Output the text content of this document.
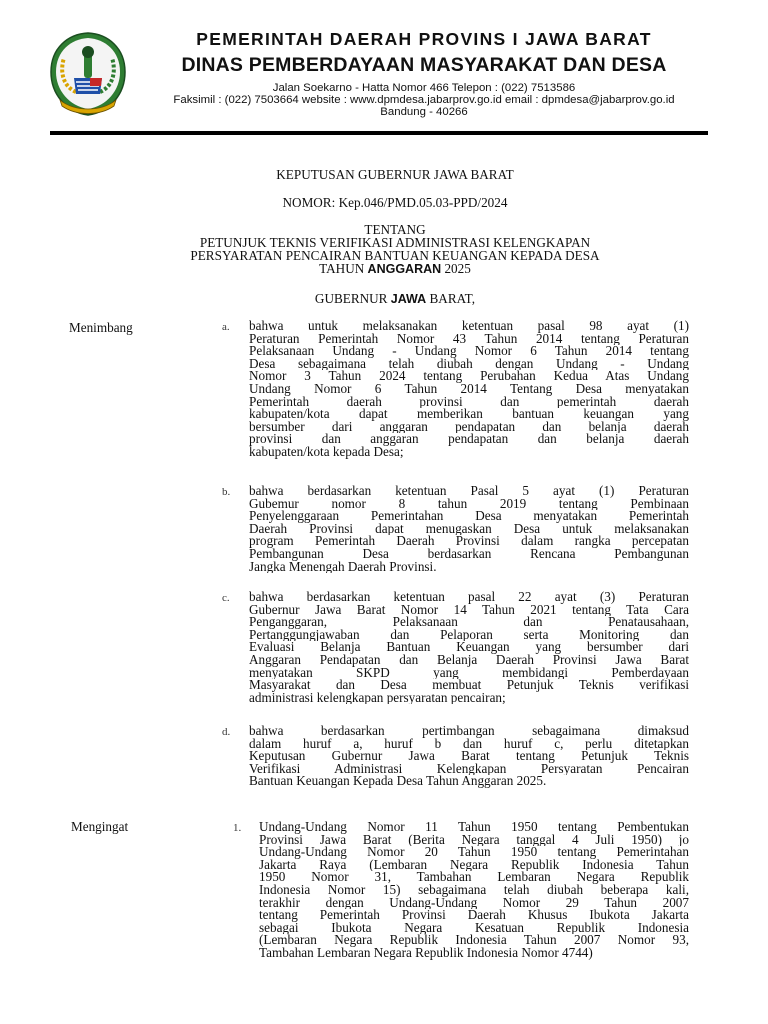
PEMERINTAH DAERAH PROVINS I JAWA BARAT
DINAS PEMBERDAYAAN MASYARAKAT DAN DESA
Jalan Soekarno - Hatta Nomor 466 Telepon : (022) 7513586
Faksimil : (022) 7503664 website : www.dpmdesa.jabarprov.go.id email : dpmdesa@jabarprov.go.id
Bandung - 40266
KEPUTUSAN GUBERNUR JAWA BARAT
NOMOR: Kep.046/PMD.05.03-PPD/2024
TENTANG
PETUNJUK TEKNIS VERIFIKASI ADMINISTRASI KELENGKAPAN
PERSYARATAN PENCAIRAN BANTUAN KEUANGAN KEPADA DESA
TAHUN ANGGARAN 2025
GUBERNUR JAWA BARAT,
Menimbang	a. bahwa untuk melaksanakan ketentuan pasal 98 ayat (1)
Peraturan Pemerintah Nomor 43 Tahun 2014 tentang Peraturan
Pelaksanaan Undang - Undang Nomor 6 Tahun 2014 tentang
Desa sebagaimana telah diubah dengan Undang - Undang
Nomor 3 Tahun 2024 tentang Perubahan Kedua Atas Undang
Undang Nomor 6 Tahun 2014 Tentang Desa menyatakan
Pemerintah daerah provinsi dan pemerintah daerah
kabupaten/kota dapat memberikan bantuan keuangan yang
bersumber dari anggaran pendapatan dan belanja daerah
provinsi dan anggaran pendapatan dan belanja daerah
kabupaten/kota kepada Desa;
b. bahwa berdasarkan ketentuan Pasal 5 ayat (1) Peraturan
Gubemur nomor 8 tahun 2019 tentang Pembinaan
Penyelenggaraan Pemerintahan Desa menyatakan Pemerintah
Daerah Provinsi dapat menugaskan Desa untuk melaksanakan
program Pemerintah Daerah Provinsi dalam rangka percepatan
Pembangunan Desa berdasarkan Rencana Pembangunan
Jangka Menengah Daerah Provinsi.
c. bahwa berdasarkan ketentuan pasal 22 ayat (3) Peraturan
Gubernur Jawa Barat Nomor 14 Tahun 2021 tentang Tata Cara
Penganggaran, Pelaksanaan dan Penatausahaan,
Pertanggungjawaban dan Pelaporan serta Monitoring dan
Evaluasi Belanja Bantuan Keuangan yang bersumber dari
Anggaran Pendapatan dan Belanja Daerah Provinsi Jawa Barat
menyatakan SKPD yang membidangi Pemberdayaan
Masyarakat dan Desa membuat Petunjuk Teknis verifikasi
administrasi kelengkapan persyaratan pencairan;
d. bahwa berdasarkan pertimbangan sebagaimana dimaksud
dalam huruf a, huruf b dan huruf c, perlu ditetapkan
Keputusan Gubernur Jawa Barat tentang Petunjuk Teknis
Verifikasi Administrasi Kelengkapan Persyaratan Pencairan
Bantuan Keuangan Kepada Desa Tahun Anggaran 2025.
Mengingat	1. Undang-Undang Nomor 11 Tahun 1950 tentang Pembentukan
Provinsi Jawa Barat (Berita Negara tanggal 4 Juli 1950) jo
Undang-Undang Nomor 20 Tahun 1950 tentang Pemerintahan
Jakarta Raya (Lembaran Negara Republik Indonesia Tahun
1950 Nomor 31, Tambahan Lembaran Negara Republik
Indonesia Nomor 15) sebagaimana telah diubah beberapa kali,
terakhir dengan Undang-Undang Nomor 29 Tahun 2007
tentang Pemerintah Provinsi Daerah Khusus Ibukota Jakarta
sebagai Ibukota Negara Kesatuan Republik Indonesia
(Lembaran Negara Republik Indonesia Tahun 2007 Nomor 93,
Tambahan Lembaran Negara Republik Indonesia Nomor 4744)
